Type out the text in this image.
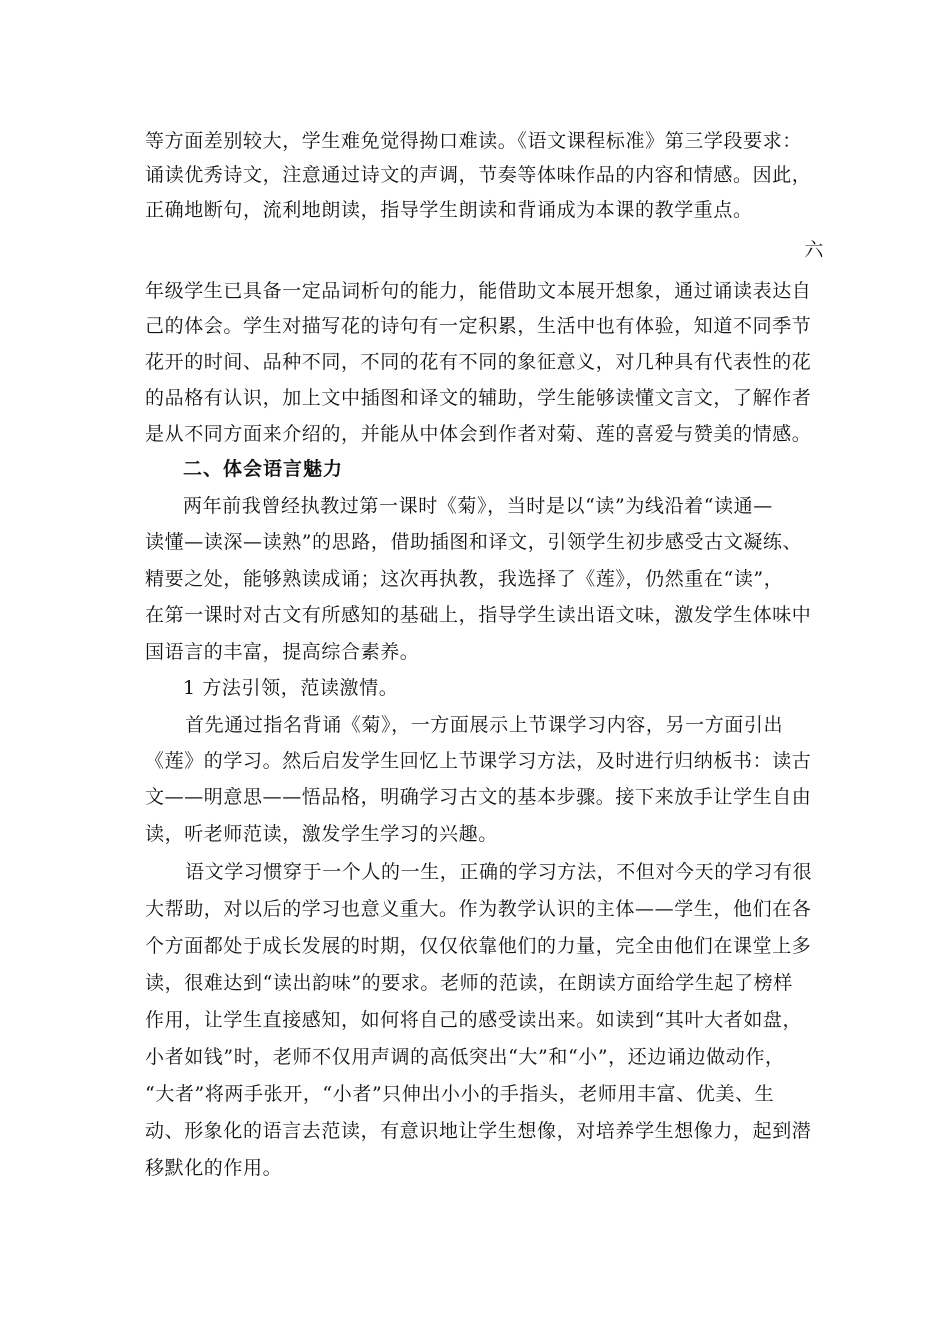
等方面差别较大，学生难免觉得拗口难读。《语文课程标准》第三学段要求：
诵读优秀诗文，注意通过诗文的声调，节奏等体味作品的内容和情感。因此，
正确地断句，流利地朗读，指导学生朗读和背诵成为本课的教学重点。
六
年级学生已具备一定品词析句的能力，能借助文本展开想象，通过诵读表达自
己的体会。学生对描写花的诗句有一定积累，生活中也有体验，知道不同季节
花开的时间、品种不同，不同的花有不同的象征意义，对几种具有代表性的花
的品格有认识，加上文中插图和译文的辅助，学生能够读懂文言文，了解作者
是从不同方面来介绍的，并能从中体会到作者对菊、莲的喜爱与赞美的情感。
二、体会语言魅力
两年前我曾经执教过第一课时《菊》，当时是以“读”为线沿着“读通—
读懂—读深—读熟”的思路，借助插图和译文，引领学生初步感受古文凝练、
精要之处，能够熟读成诵；这次再执教，我选择了《莲》，仍然重在“读”，
在第一课时对古文有所感知的基础上，指导学生读出语文味，激发学生体味中
国语言的丰富，提高综合素养。
1 方法引领，范读激情。
首先通过指名背诵《菊》，一方面展示上节课学习内容，另一方面引出
《莲》的学习。然后启发学生回忆上节课学习方法，及时进行归纳板书：读古
文——明意思——悟品格，明确学习古文的基本步骤。接下来放手让学生自由
读，听老师范读，激发学生学习的兴趣。
语文学习惯穿于一个人的一生，正确的学习方法，不但对今天的学习有很
大帮助，对以后的学习也意义重大。作为教学认识的主体——学生，他们在各
个方面都处于成长发展的时期，仅仅依靠他们的力量，完全由他们在课堂上多
读，很难达到“读出韵味”的要求。老师的范读，在朗读方面给学生起了榜样
作用，让学生直接感知，如何将自己的感受读出来。如读到“其叶大者如盘，
小者如钱”时，老师不仅用声调的高低突出“大”和“小”，还边诵边做动作，
“大者”将两手张开，“小者”只伸出小小的手指头，老师用丰富、优美、生
动、形象化的语言去范读，有意识地让学生想像，对培养学生想像力，起到潜
移默化的作用。
